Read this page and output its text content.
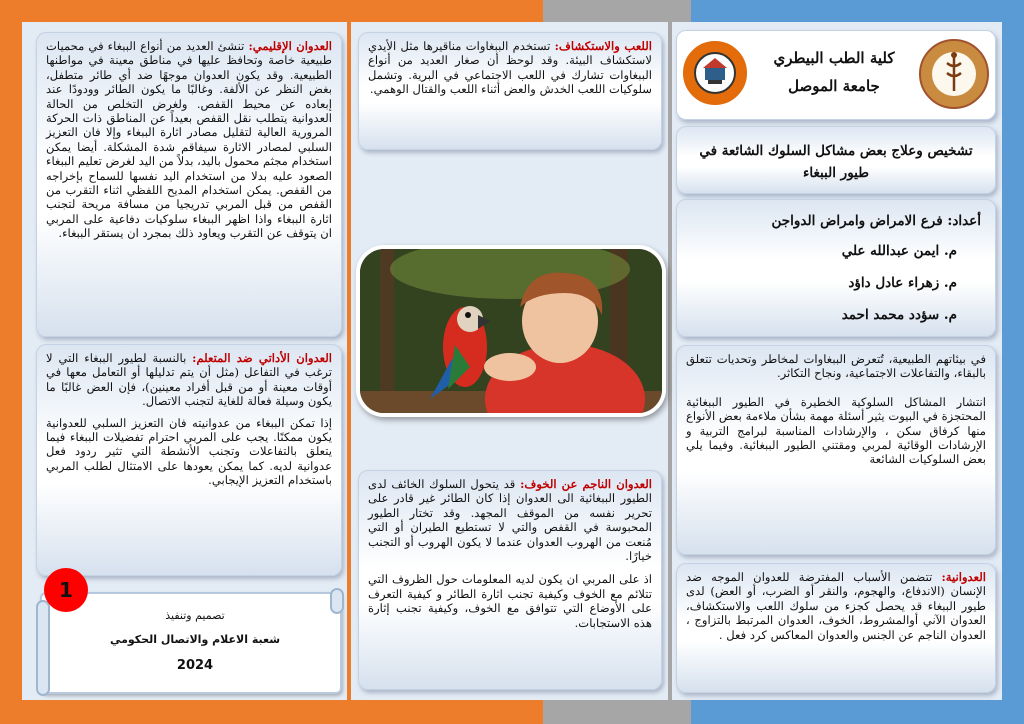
كلية الطب البيطري
جامعة الموصل
تشخيص وعلاج بعض مشاكل السلوك الشائعة في طيور الببغاء
أعداد: فرع الامراض وامراض الدواجن
م. ايمن عبدالله علي
م. زهراء عادل داؤد
م. سؤدد محمد احمد

في بيئاتهم الطبيعية، تُتعرض الببغاوات لمخاطر وتحديات تتعلق بالبقاء، والتفاعلات الاجتماعية، ونجاح التكاثر.

انتشار المشاكل السلوكية الخطيرة في الطيور الببغائية المحتجزة في البيوت يثير أسئلة مهمة بشأن ملاءمة بعض الأنواع منها كرفاق سكن ، والإرشادات المناسبة لبرامج التربية و الإرشادات الوقائية لمربي ومقتني الطيور الببغائية. وفيما يلي بعض السلوكيات الشائعة

العدوانية: تتضمن الأسباب المفترضة للعدوان الموجه ضد الإنسان (الاندفاع، والهجوم، والنقر أو الضرب، أو العض) لدى طيور الببغاء قد يحصل كجزء من سلوك اللعب والاستكشاف، العدوان الآني أوالمشروط، الخوف، العدوان المرتبط بالتزاوج ، العدوان الناجم عن الجنس والعدوان المعاكس كرد فعل .
اللعب والاستكشاف: تستخدم الببغاوات مناقيرها مثل الأيدي لاستكشاف البيئة. وقد لوحظ أن صغار العديد من أنواع الببغاوات تشارك في اللعب الاجتماعي في البرية. وتشمل سلوكيات اللعب الخدش والعض أثناء اللعب والقتال الوهمي.

العدوان الناجم عن الخوف: قد يتحول السلوك الخائف لدى الطيور الببغائية الى العدوان إذا كان الطائر غير قادر على تحرير نفسه من الموقف المجهد. وقد تختار الطيور المحبوسة في القفص والتي لا تستطيع الطيران أو التي مُنعت من الهروب العدوان عندما لا يكون الهروب أو التجنب خيارًا.

اذ على المربي ان يكون لديه المعلومات حول الظروف التي تتلائم مع الخوف وكيفية تجنب اثارة الطائر و كيفية التعرف على الأوضاع التي تتوافق مع الخوف، وكيفية تجنب إثارة هذه الاستجابات.

العدوان الإقليمي: تنشئ العديد من أنواع الببغاء في محميات طبيعية خاصة وتحافظ عليها في مناطق معينة في مواطنها الطبيعية. وقد يكون العدوان موجهًا ضد أي طائر متطفل، بغض النظر عن الألفة. وغالبًا ما يكون الطائر وودودًا عند إبعاده عن محيط القفص. ولغرض التخلص من الحالة العدوانية يتطلب نقل القفص بعيداً عن المناطق ذات الحركة المرورية العالية لتقليل مصادر اثارة الببغاء وإلا فان التعزيز السلبي لمصادر الاثارة سيفاقم شدة المشكلة. أيضا يمكن استخدام مجثم محمول باليد، بدلاً من اليد لغرض تعليم الببغاء الصعود عليه بدلا من استخدام اليد نفسها للسماح بإخراجه من القفص. يمكن استخدام المديح اللفظي اثناء التقرب من القفص من قبل المربي تدريجيا من مسافة مريحة لتجنب اثارة الببغاء واذا اظهر الببغاء سلوكيات دفاعية على المربي ان يتوقف عن التقرب ويعاود ذلك بمجرد ان يستقر الببغاء.

العدوان الأداتي ضد المتعلم: بالنسبة لطيور الببغاء التي لا ترغب في التفاعل (مثل أن يتم تدليلها أو التعامل معها في أوقات معينة أو من قبل أفراد معينين)، فإن العض غالبًا ما يكون وسيلة فعالة للغاية لتجنب الاتصال.

إذا تمكن الببغاء من عدوانيته فان التعزيز السلبي للعدوانية يكون ممكنًا. يجب على المربي احترام تفضيلات الببغاء فيما يتعلق بالتفاعلات وتجنب الأنشطة التي تثير ردود فعل عدوانية لديه. كما يمكن يعودها على الامتثال لطلب المربي باستخدام التعزيز الإيجابي.

1
تصميم وتنفيذ
شعبة الاعلام والاتصال الحكومي
2024
